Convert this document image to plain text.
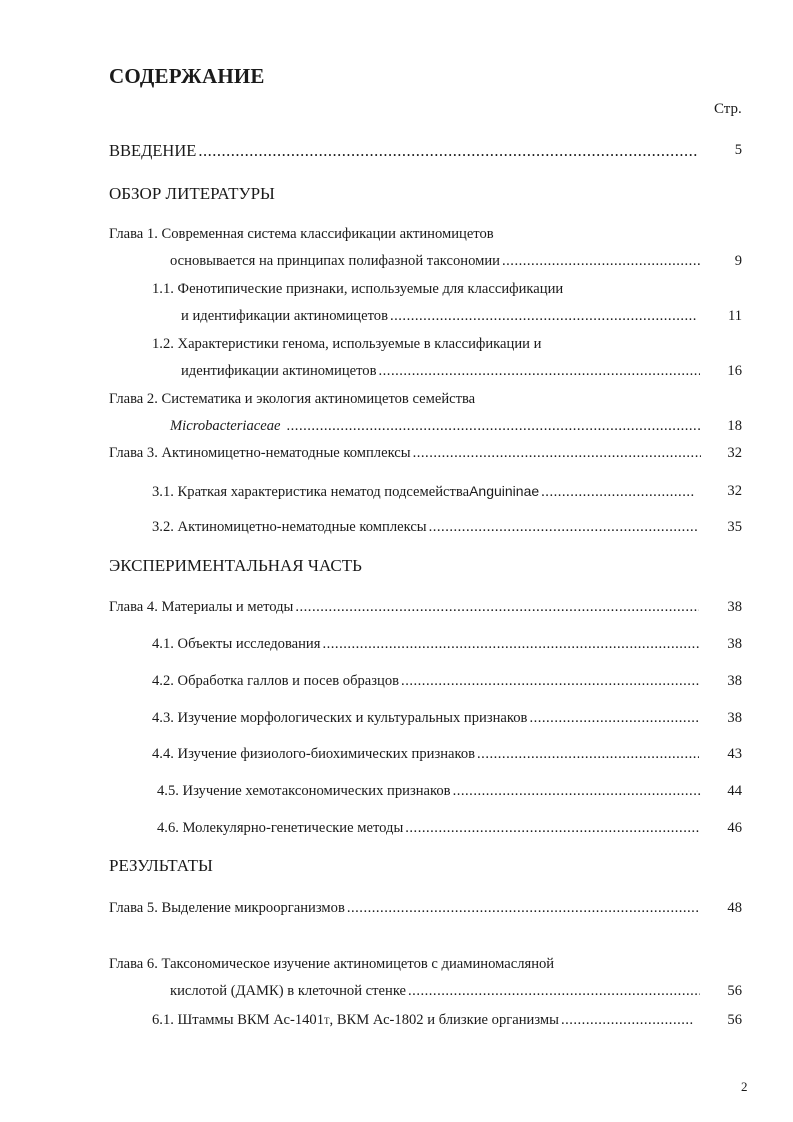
СОДЕРЖАНИЕ
Стр.
ВВЕДЕНИЕ .....	5
ОБЗОР ЛИТЕРАТУРЫ
Глава 1. Современная система классификации актиномицетов
основывается на принципах полифазной таксономии .....	9
1.1. Фенотипические признаки, используемые для классификации
и идентификации актиномицетов .....	11
1.2. Характеристики генома, используемые в классификации и
идентификации актиномицетов .....	16
Глава 2. Систематика и экология актиномицетов семейства
Microbacteriaceae .....	18
Глава 3. Актиномицетно-нематодные комплексы .....	32
3.1. Краткая характеристика нематод подсемейства Anguininae .....	32
3.2. Актиномицетно-нематодные комплексы .....	35
ЭКСПЕРИМЕНТАЛЬНАЯ ЧАСТЬ
Глава 4. Материалы и методы .....	38
4.1. Объекты исследования .....	38
4.2. Обработка галлов и посев образцов .....	38
4.3. Изучение морфологических и культуральных признаков .....	38
4.4. Изучение физиолого-биохимических признаков .....	43
4.5. Изучение хемотаксономических признаков .....	44
4.6. Молекулярно-генетические методы .....	46
РЕЗУЛЬТАТЫ
Глава 5. Выделение микроорганизмов .....	48
Глава 6. Таксономическое изучение актиномицетов с диаминомасляной
кислотой (ДАМК) в клеточной стенке .....	56
6.1. Штаммы ВКМ Ас-1401 T , ВКМ Ас-1802 и близкие организмы .....	56
2
